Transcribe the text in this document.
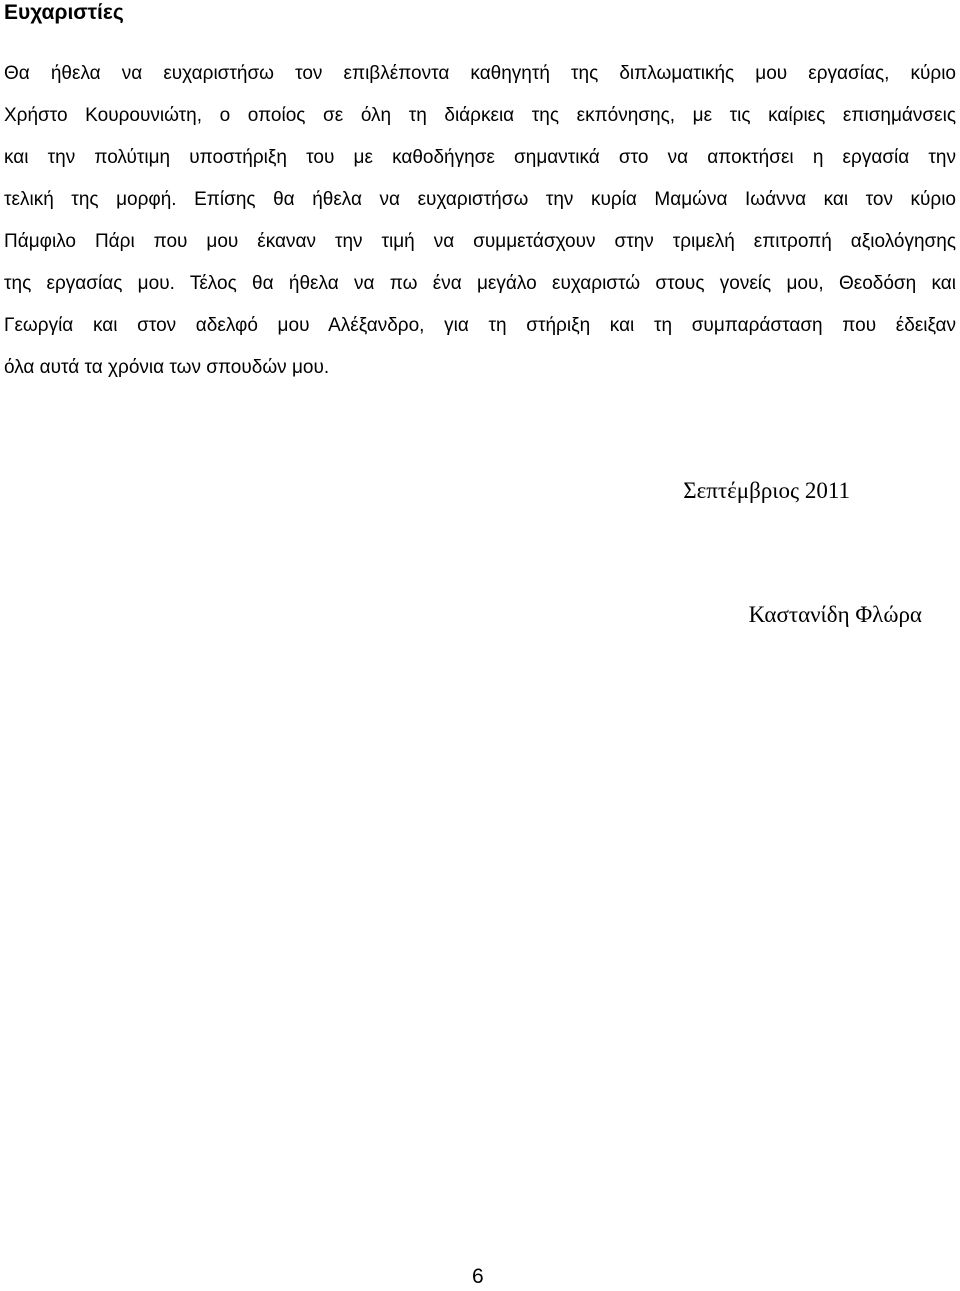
Ευχαριστίες

Θα ήθελα να ευχαριστήσω τον επιβλέποντα καθηγητή της διπλωματικής μου εργασίας, κύριο

Χρήστο Κουρουνιώτη, ο οποίος σε όλη τη διάρκεια της εκπόνησης, με τις καίριες επισημάνσεις

και την πολύτιμη υποστήριξη του με καθοδήγησε σημαντικά στο να αποκτήσει η εργασία την

τελική της μορφή. Επίσης θα ήθελα να ευχαριστήσω την κυρία Μαμώνα Ιωάννα και τον κύριο

Πάμφιλο Πάρι που μου έκαναν την τιμή να συμμετάσχουν στην τριμελή επιτροπή αξιολόγησης

της εργασίας μου. Τέλος θα ήθελα να πω ένα μεγάλο ευχαριστώ στους γονείς μου, Θεοδόση και

Γεωργία και στον αδελφό μου Αλέξανδρο, για τη στήριξη και τη συμπαράσταση που έδειξαν

όλα αυτά τα χρόνια των σπουδών μου.

Σεπτέμβριος 2011

Καστανίδη Φλώρα

6
